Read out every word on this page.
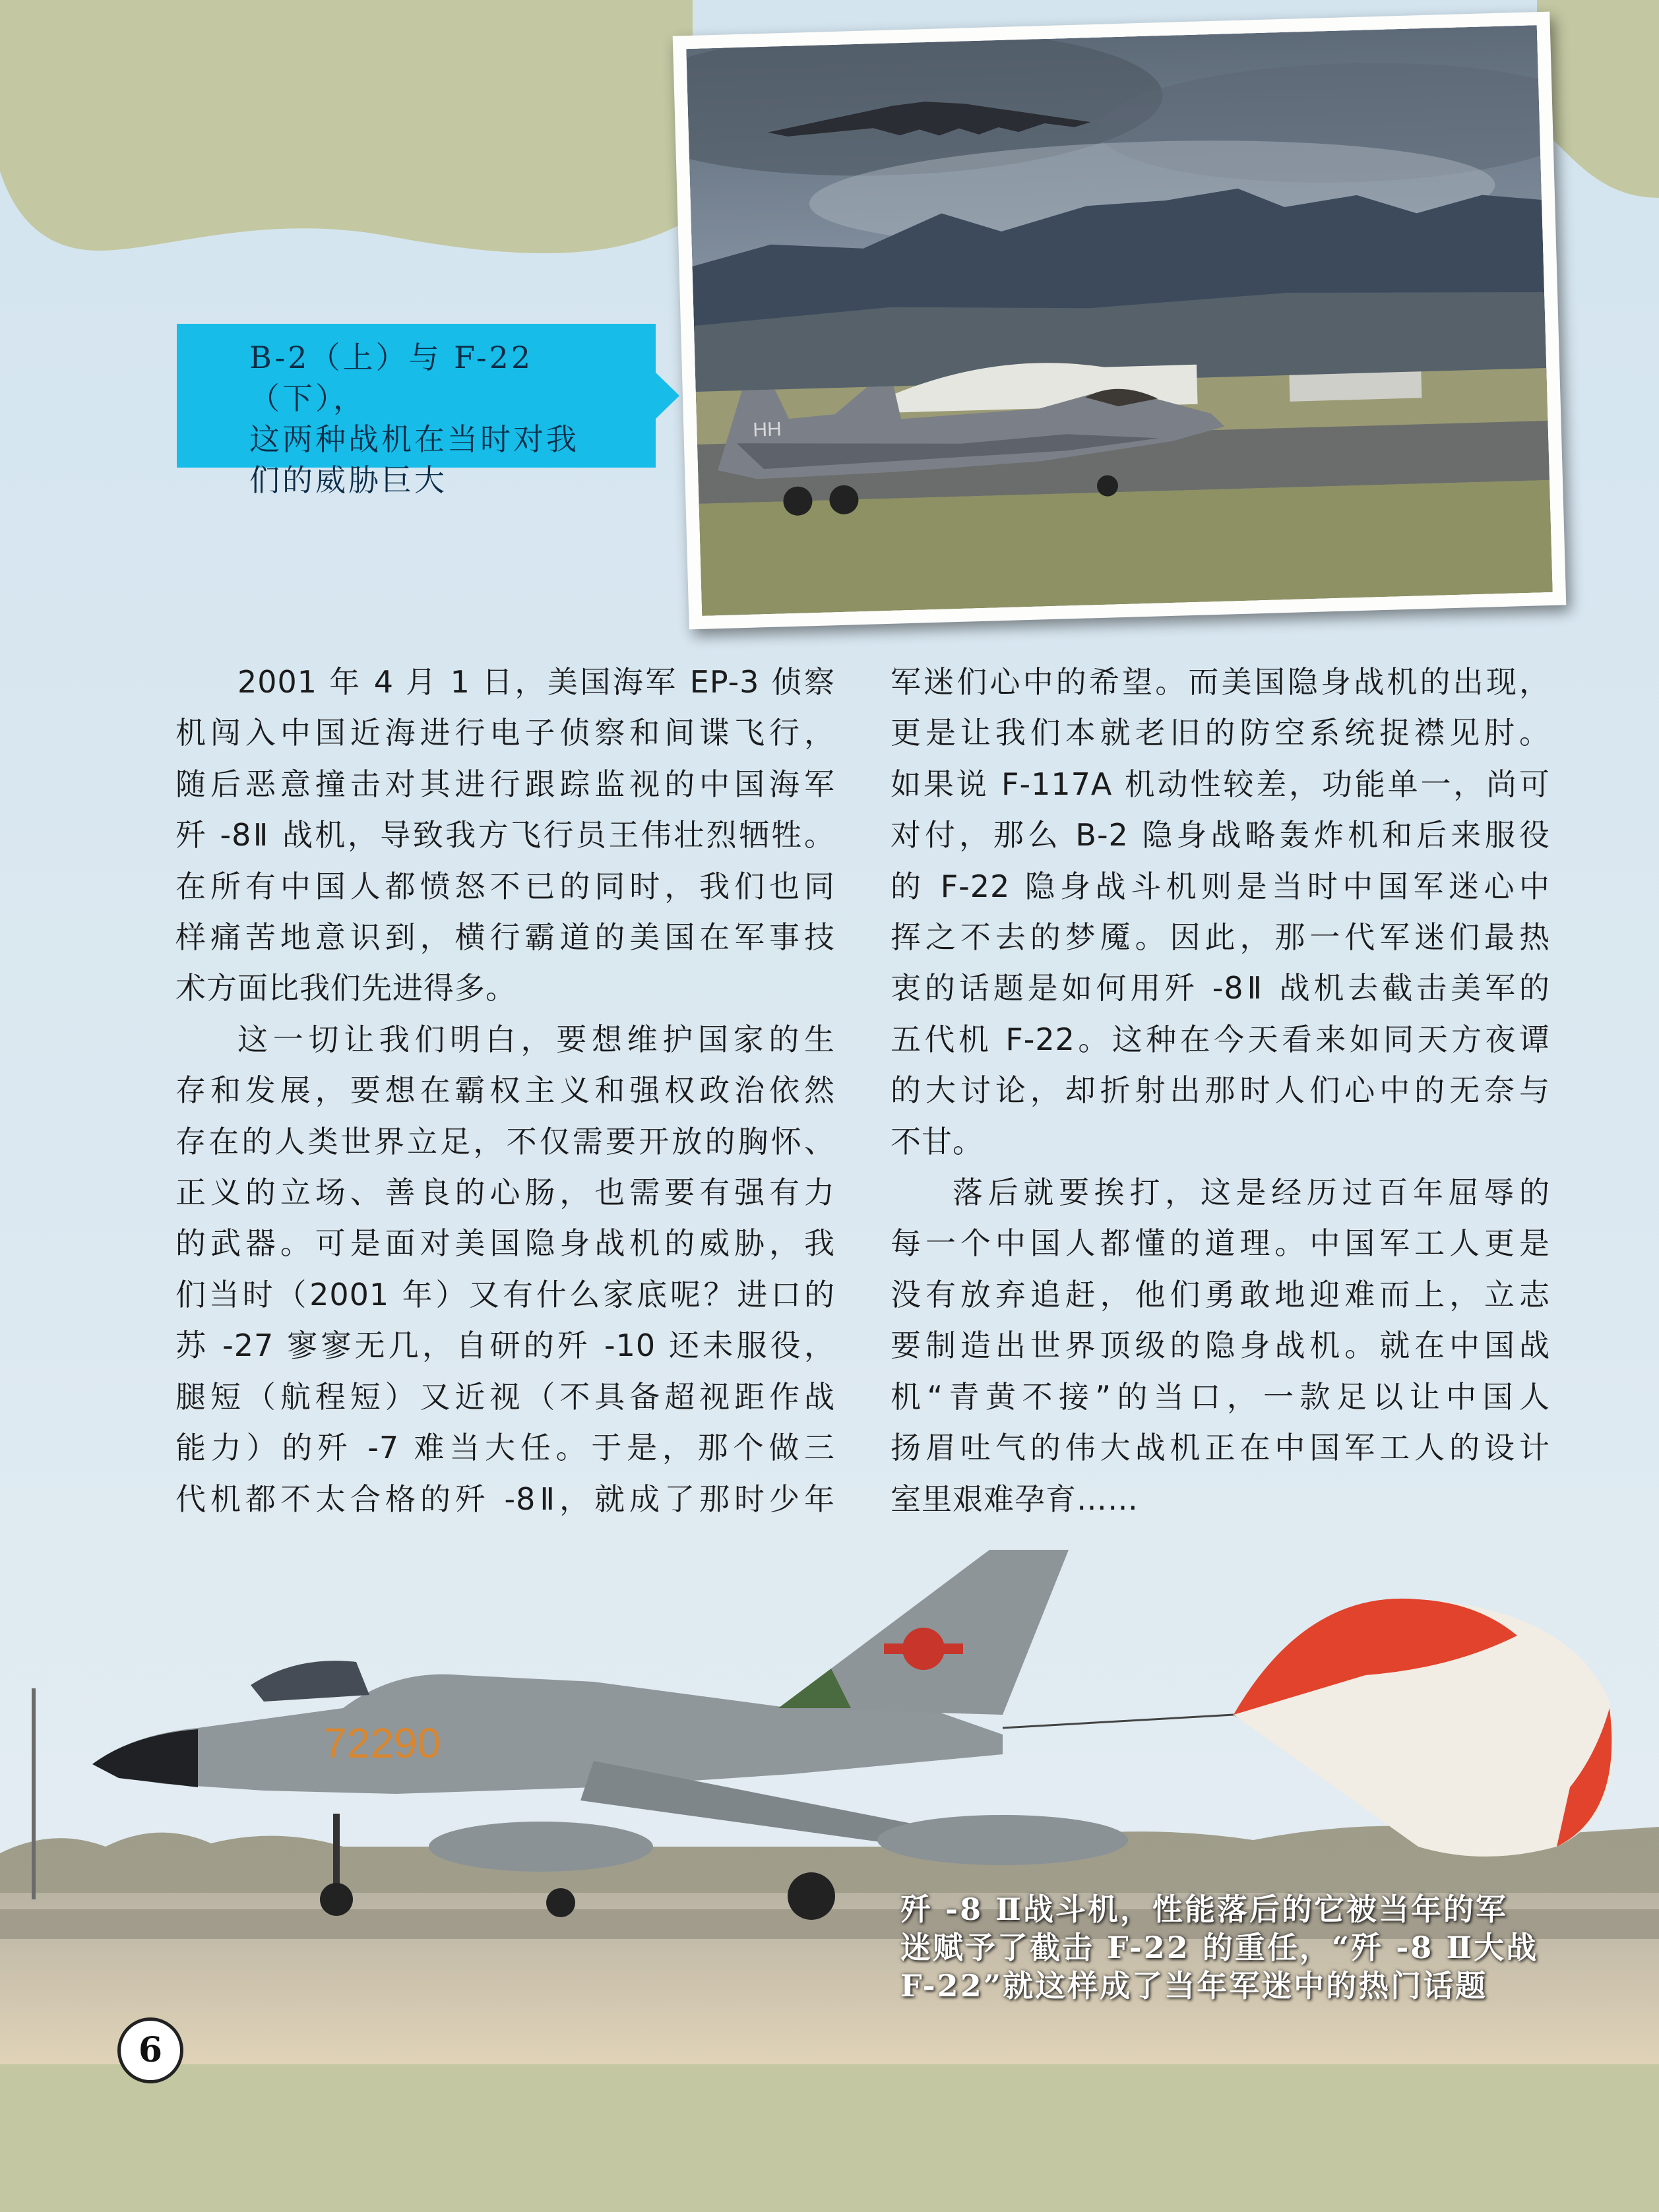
HH

B-2（上）与 F-22（下），
这两种战机在当时对我
们的威胁巨大

2001 年 4 月 1 日，美国海军 EP-3 侦察

机闯入中国近海进行电子侦察和间谍飞行，

随后恶意撞击对其进行跟踪监视的中国海军

歼 -8Ⅱ 战机，导致我方飞行员王伟壮烈牺牲。

在所有中国人都愤怒不已的同时，我们也同

样痛苦地意识到，横行霸道的美国在军事技

术方面比我们先进得多。

这一切让我们明白，要想维护国家的生

存和发展，要想在霸权主义和强权政治依然

存在的人类世界立足，不仅需要开放的胸怀、

正义的立场、善良的心肠，也需要有强有力

的武器。可是面对美国隐身战机的威胁，我

们当时（2001 年）又有什么家底呢？进口的

苏 -27 寥寥无几，自研的歼 -10 还未服役，

腿短（航程短）又近视（不具备超视距作战

能力）的歼 -7 难当大任。于是，那个做三

代机都不太合格的歼 -8Ⅱ，就成了那时少年

军迷们心中的希望。而美国隐身战机的出现，

更是让我们本就老旧的防空系统捉襟见肘。

如果说 F-117A 机动性较差，功能单一，尚可

对付，那么 B-2 隐身战略轰炸机和后来服役

的 F-22 隐身战斗机则是当时中国军迷心中

挥之不去的梦魇。因此，那一代军迷们最热

衷的话题是如何用歼 -8Ⅱ 战机去截击美军的

五代机 F-22。这种在今天看来如同天方夜谭

的大讨论，却折射出那时人们心中的无奈与

不甘。

落后就要挨打，这是经历过百年屈辱的

每一个中国人都懂的道理。中国军工人更是

没有放弃追赶，他们勇敢地迎难而上，立志

要制造出世界顶级的隐身战机。就在中国战

机“青黄不接”的当口，一款足以让中国人

扬眉吐气的伟大战机正在中国军工人的设计

室里艰难孕育……

72290

歼 -8 Ⅱ战斗机，性能落后的它被当年的军
迷赋予了截击 F-22 的重任，“歼 -8 Ⅱ大战
F-22”就这样成了当年军迷中的热门话题

6
